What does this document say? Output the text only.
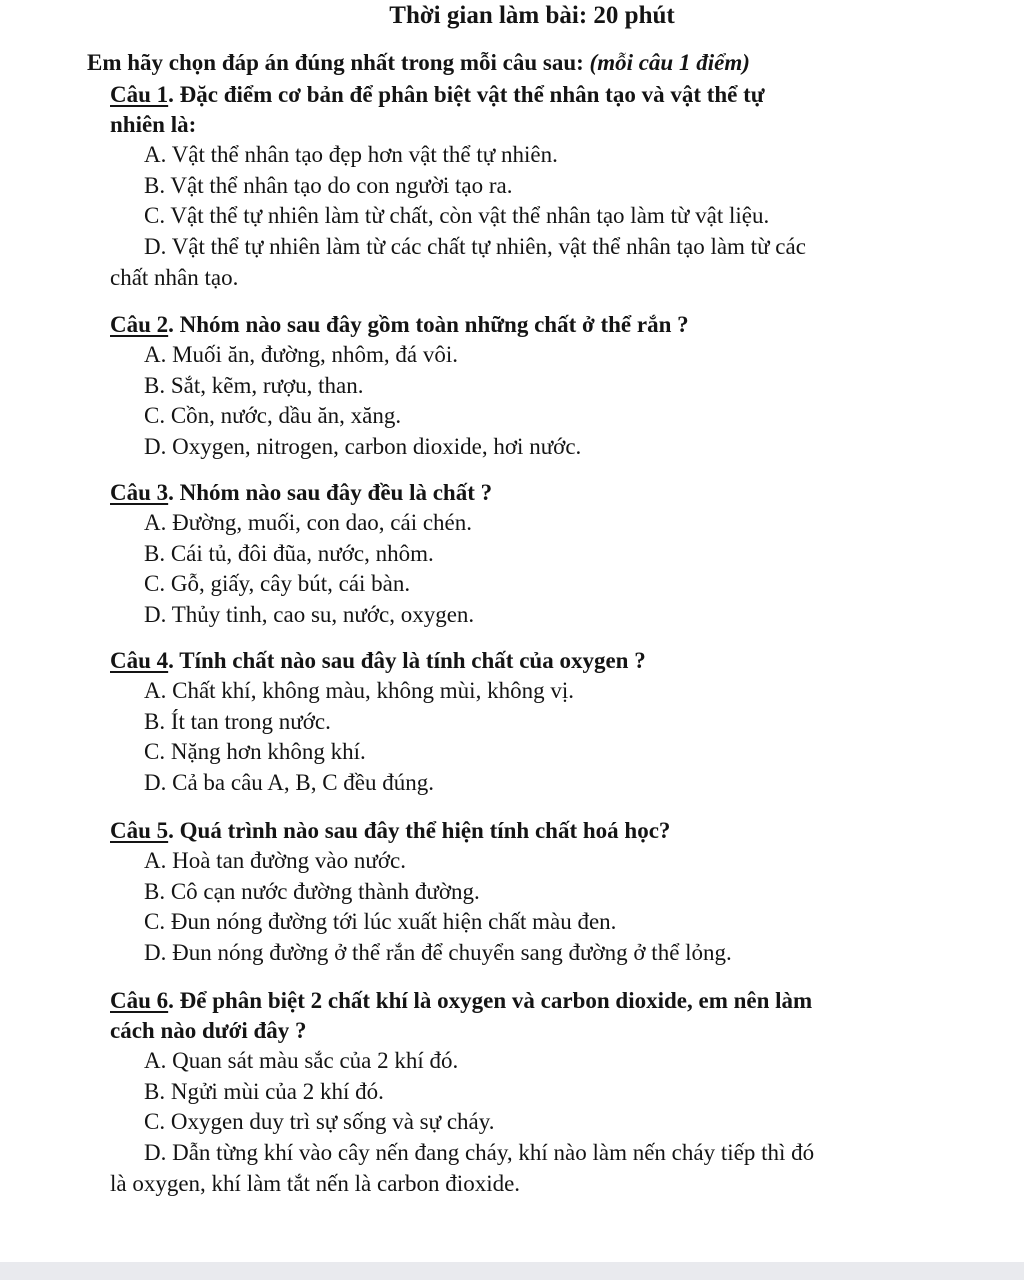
Thời gian làm bài: 20 phút
Em hãy chọn đáp án đúng nhất trong mỗi câu sau: (mỗi câu 1 điểm)

Câu 1. Đặc điểm cơ bản để phân biệt vật thể nhân tạo và vật thể tự

nhiên là:

A. Vật thể nhân tạo đẹp hơn vật thể tự nhiên.

B. Vật thể nhân tạo do con người tạo ra.

C. Vật thể tự nhiên làm từ chất, còn vật thể nhân tạo làm từ vật liệu.

D. Vật thể tự nhiên làm từ các chất tự nhiên, vật thể nhân tạo làm từ các

chất nhân tạo.

Câu 2. Nhóm nào sau đây gồm toàn những chất ở thể rắn ?

A. Muối ăn, đường, nhôm, đá vôi.

B. Sắt, kẽm, rượu, than.

C. Cồn, nước, dầu ăn, xăng.

D. Oxygen, nitrogen, carbon dioxide, hơi nước.

Câu 3. Nhóm nào sau đây đều là chất ?

A. Đường, muối, con dao, cái chén.

B. Cái tủ, đôi đũa, nước, nhôm.

C. Gỗ, giấy, cây bút, cái bàn.

D. Thủy tinh, cao su, nước, oxygen.

Câu 4. Tính chất nào sau đây là tính chất của oxygen ?

A. Chất khí, không màu, không mùi, không vị.

B. Ít tan trong nước.

C. Nặng hơn không khí.

D. Cả ba câu A, B, C đều đúng.

Câu 5. Quá trình nào sau đây thể hiện tính chất hoá học?

A. Hoà tan đường vào nước.

B. Cô cạn nước đường thành đường.

C. Đun nóng đường tới lúc xuất hiện chất màu đen.

D. Đun nóng đường ở thể rắn để chuyển sang đường ở thể lỏng.

Câu 6. Để phân biệt 2 chất khí là oxygen và carbon dioxide, em nên làm

cách nào dưới đây ?

A. Quan sát màu sắc của 2 khí đó.

B. Ngửi mùi của 2 khí đó.

C. Oxygen duy trì sự sống và sự cháy.

D. Dẫn từng khí vào cây nến đang cháy, khí nào làm nến cháy tiếp thì đó

là oxygen, khí làm tắt nến là carbon đioxide.
